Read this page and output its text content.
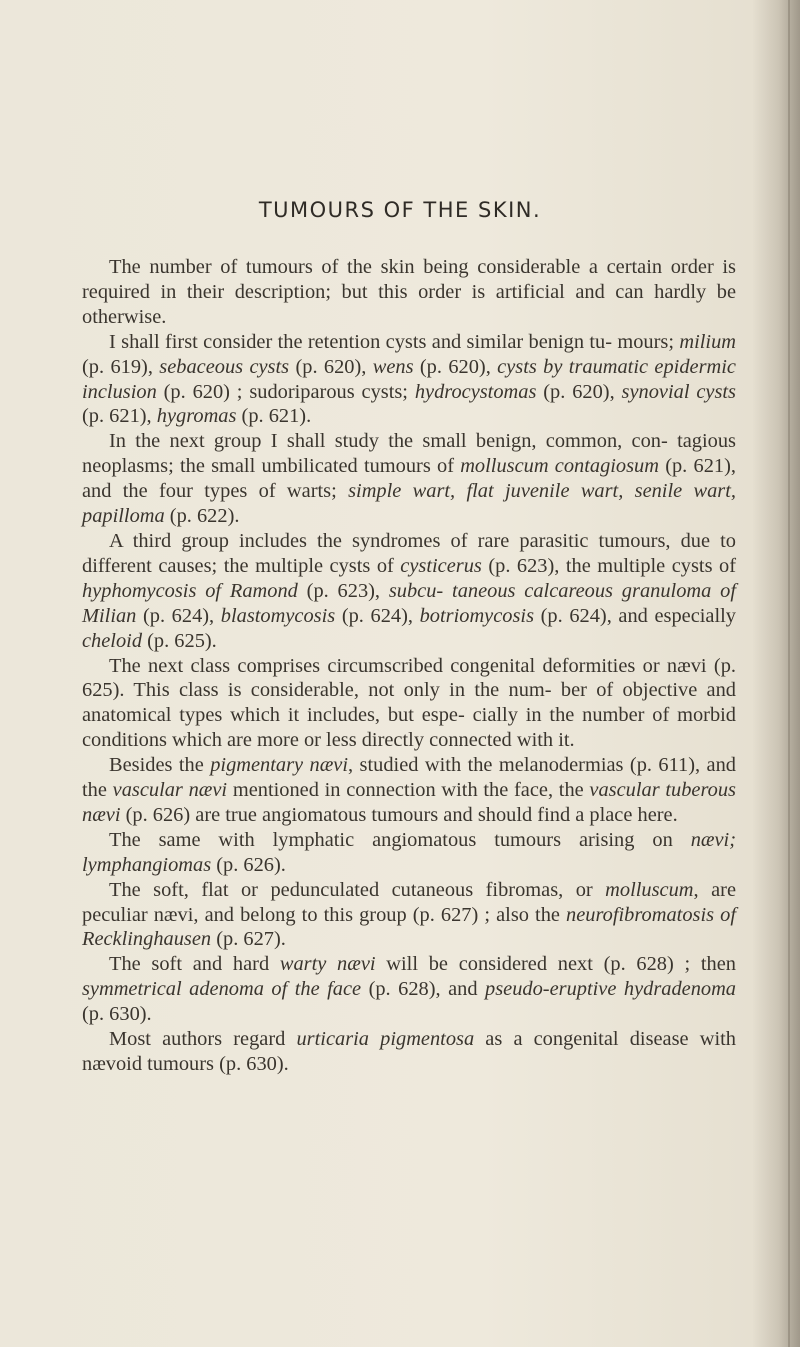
TUMOURS OF THE SKIN.

The number of tumours of the skin being considerable a certain order is required in their description; but this order is artificial and can hardly be otherwise.

I shall first consider the retention cysts and similar benign tu- mours; milium (p. 619), sebaceous cysts (p. 620), wens (p. 620), cysts by traumatic epidermic inclusion (p. 620) ; sudoriparous cysts; hydrocystomas (p. 620), synovial cysts (p. 621), hygromas (p. 621).

In the next group I shall study the small benign, common, con- tagious neoplasms; the small umbilicated tumours of molluscum contagiosum (p. 621), and the four types of warts; simple wart, flat juvenile wart, senile wart, papilloma (p. 622).

A third group includes the syndromes of rare parasitic tumours, due to different causes; the multiple cysts of cysticerus (p. 623), the multiple cysts of hyphomycosis of Ramond (p. 623), subcu- taneous calcareous granuloma of Milian (p. 624), blastomycosis (p. 624), botriomycosis (p. 624), and especially cheloid (p. 625).

The next class comprises circumscribed congenital deformities or nævi (p. 625). This class is considerable, not only in the num- ber of objective and anatomical types which it includes, but espe- cially in the number of morbid conditions which are more or less directly connected with it.

Besides the pigmentary nævi, studied with the melanodermias (p. 611), and the vascular nævi mentioned in connection with the face, the vascular tuberous nævi (p. 626) are true angiomatous tumours and should find a place here.

The same with lymphatic angiomatous tumours arising on nævi; lymphangiomas (p. 626).

The soft, flat or pedunculated cutaneous fibromas, or molluscum, are peculiar nævi, and belong to this group (p. 627) ; also the neurofibromatosis of Recklinghausen (p. 627).

The soft and hard warty nævi will be considered next (p. 628) ; then symmetrical adenoma of the face (p. 628), and pseudo-eruptive hydradenoma (p. 630).

Most authors regard urticaria pigmentosa as a congenital disease with nævoid tumours (p. 630).
